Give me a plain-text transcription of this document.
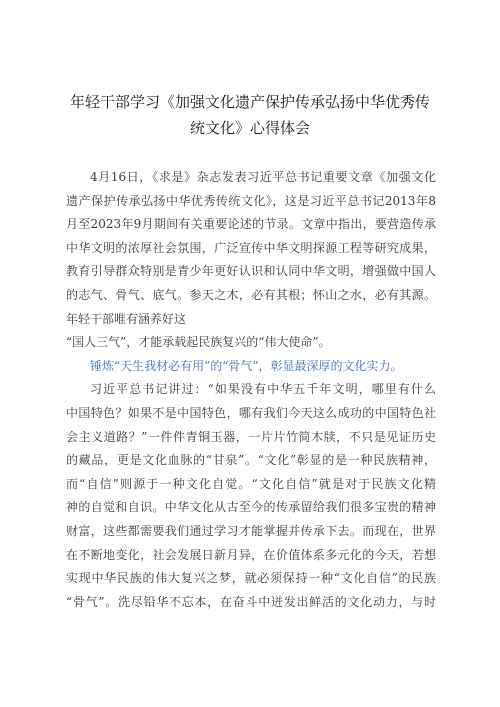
年轻干部学习《加强文化遗产保护传承弘扬中华优秀传
统文化》心得体会
4月16日，《求是》杂志发表习近平总书记重要文章《加强文化
遗产保护传承弘扬中华优秀传统文化》，这是习近平总书记2013年8
月至2023年9月期间有关重要论述的节录。文章中指出，要营造传承
中华文明的浓厚社会氛围，广泛宣传中华文明探源工程等研究成果，
教育引导群众特别是青少年更好认识和认同中华文明，增强做中国人
的志气、骨气、底气。参天之木，必有其根；怀山之水，必有其源。
年轻干部唯有涵养好这
“国人三气”，才能承载起民族复兴的“伟大使命”。
锤炼“天生我材必有用”的“骨气”，彰显最深厚的文化实力。
习近平总书记讲过：“如果没有中华五千年文明，哪里有什么
中国特色？如果不是中国特色，哪有我们今天这么成功的中国特色社
会主义道路？”一件件青铜玉器，一片片竹简木牍，不只是见证历史
的藏品，更是文化血脉的“甘泉”。“文化”彰显的是一种民族精神，
而“自信”则源于一种文化自觉。“文化自信”就是对于民族文化精
神的自觉和自识。中华文化从古至今的传承留给我们很多宝贵的精神
财富，这些都需要我们通过学习才能掌握并传承下去。而现在，世界
在不断地变化，社会发展日新月异，在价值体系多元化的今天，若想
实现中华民族的伟大复兴之梦，就必须保持一种“文化自信”的民族
“骨气”。洗尽铅华不忘本，在奋斗中迸发出鲜活的文化动力，与时
